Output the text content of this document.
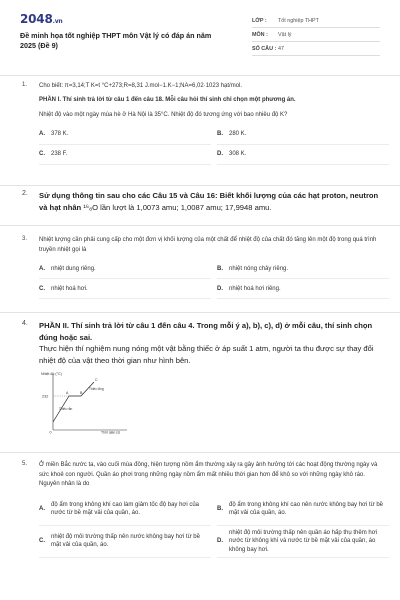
2048.vn
Đề minh họa tốt nghiệp THPT môn Vật lý có đáp án năm 2025 (Đề 9)
LỚP :	Tốt nghiệp THPT
MÔN :	Vật lý
SỐ CÂU : 47
1. Cho biết: π=3,14;T K=t °C+273;R=8,31 J.mol−1.K−1;NA=6,02·1023 hạt/mol.
PHẦN I. Thí sinh trả lời từ câu 1 đến câu 18. Mỗi câu hỏi thí sinh chỉ chọn một phương án.
Nhiệt độ vào một ngày mùa hè ở Hà Nội là 35°C. Nhiệt độ đó tương ứng với bao nhiêu độ K?
A.	378 K.	B.	280 K.
C.	238 F.	D.	308 K.
2. Sử dụng thông tin sau cho các Câu 15 và Câu 16: Biết khối lượng của các hạt proton, neutron và hạt nhân ¹⁶₈O lần lượt là 1,0073 amu; 1,0087 amu; 17,9948 amu.
3. Nhiệt lượng cần phải cung cấp cho một đơn vị khối lượng của một chất để nhiệt độ của chất đó tăng lên một độ trong quá trình truyền nhiệt gọi là
A.	nhiệt dung riêng.	B.	nhiệt nóng chảy riêng.
C.	nhiệt hoá hơi.	D.	nhiệt hoá hơi riêng.
4. PHẦN II. Thí sinh trả lời từ câu 1 đến câu 4. Trong mỗi ý a), b), c), d) ở mỗi câu, thí sinh chọn đúng hoặc sai.
Thực hiện thí nghiệm nung nóng một vật bằng thiếc ở áp suất 1 atm, người ta thu được sự thay đổi nhiệt độ của vật theo thời gian như hình bên.
Nhiệt độ (°C)
232
0	Thời gian (s)
A	B
C
Thiếc rắn
Thiếc lỏng
5. Ở miền Bắc nước ta, vào cuối mùa đông, hiện tượng nồm ẩm thường xảy ra gây ảnh hưởng tới các hoạt động thường ngày và sức khoẻ con người. Quần áo phơi trong những ngày nồm ẩm mất nhiều thời gian hơn để khô so với những ngày khô ráo. Nguyên nhân là do
A.
độ ẩm trong không khí cao làm giảm tốc độ bay hơi của nước từ bề mặt vải của quần, áo.
B.
độ ẩm trong không khí cao nên nước không bay hơi từ bề mặt vải của quần, áo.
C.
nhiệt độ môi trường thấp nên nước không bay hơi từ bề mặt vải của quần, áo.
D.
nhiệt độ môi trường thấp nên quần áo hấp thụ thêm hơi nước từ không khí và nước từ bề mặt vải của quần, áo không bay hơi.
